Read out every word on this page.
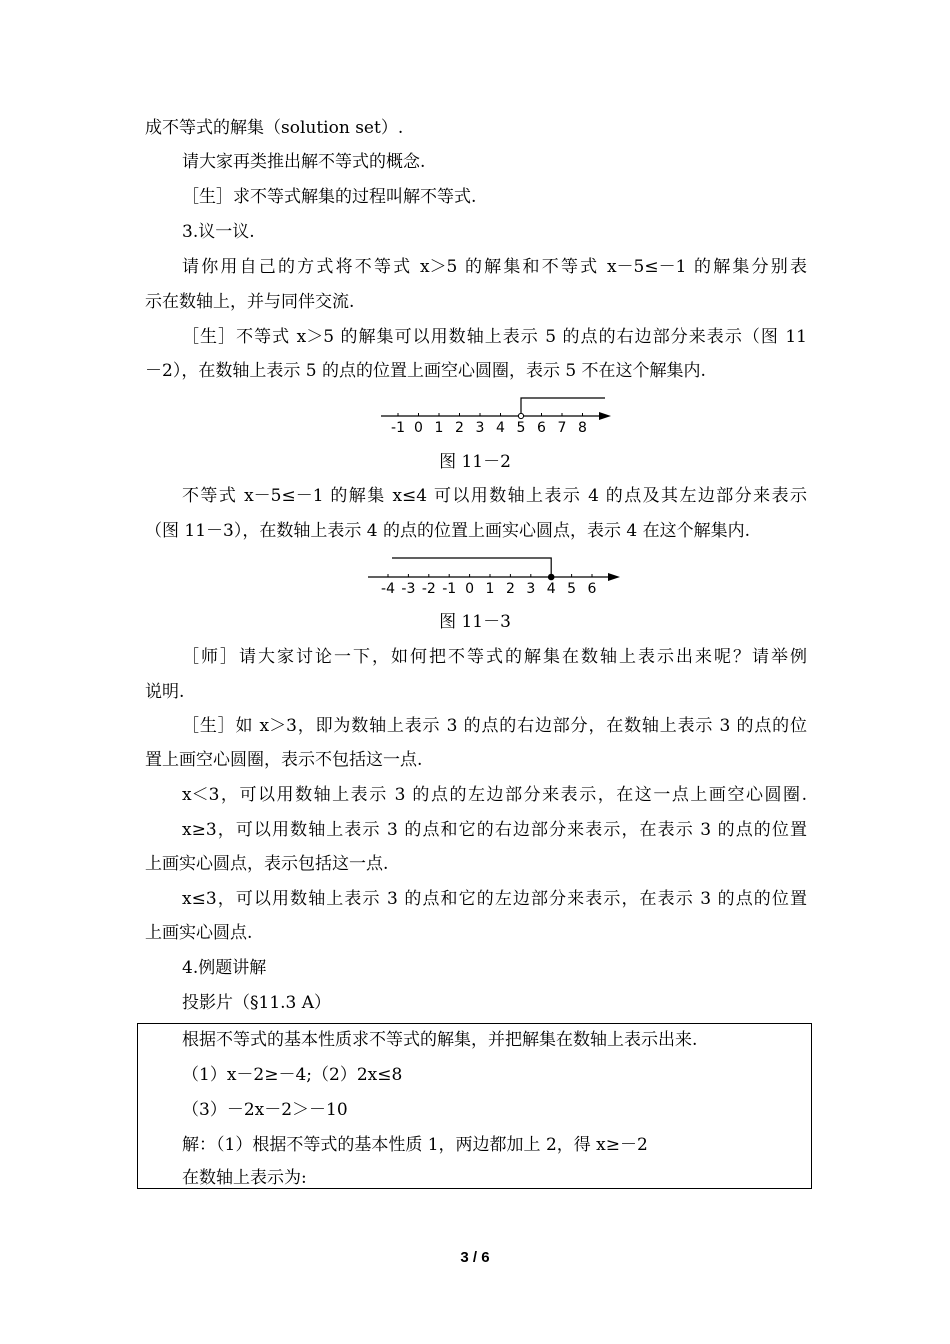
成不等式的解集（solution set）.
请大家再类推出解不等式的概念.
［生］求不等式解集的过程叫解不等式.
3.议一议.
请你用自己的方式将不等式 x＞5 的解集和不等式 x－5≤－1 的解集分别表
示在数轴上，并与同伴交流.
［生］不等式 x＞5 的解集可以用数轴上表示 5 的点的右边部分来表示（图 11
－2），在数轴上表示 5 的点的位置上画空心圆圈，表示 5 不在这个解集内.
-1 0 1 2 3 4 5 6 7 8
图 11－2
不等式 x－5≤－1 的解集 x≤4 可以用数轴上表示 4 的点及其左边部分来表示
（图 11－3），在数轴上表示 4 的点的位置上画实心圆点，表示 4 在这个解集内.
-4 -3 -2 -1 0 1 2 3 4 5 6
图 11－3
［师］请大家讨论一下，如何把不等式的解集在数轴上表示出来呢？请举例
说明.
［生］如 x＞3，即为数轴上表示 3 的点的右边部分，在数轴上表示 3 的点的位
置上画空心圆圈，表示不包括这一点.
x＜3，可以用数轴上表示 3 的点的左边部分来表示，在这一点上画空心圆圈.
x≥3，可以用数轴上表示 3 的点和它的右边部分来表示，在表示 3 的点的位置
上画实心圆点，表示包括这一点.
x≤3，可以用数轴上表示 3 的点和它的左边部分来表示，在表示 3 的点的位置
上画实心圆点.
4.例题讲解
投影片（§11.3 A）
根据不等式的基本性质求不等式的解集，并把解集在数轴上表示出来.
（1）x－2≥－4;（2）2x≤8
（3）－2x－2＞－10
解：（1）根据不等式的基本性质 1，两边都加上 2，得 x≥－2
在数轴上表示为:
3 / 6
